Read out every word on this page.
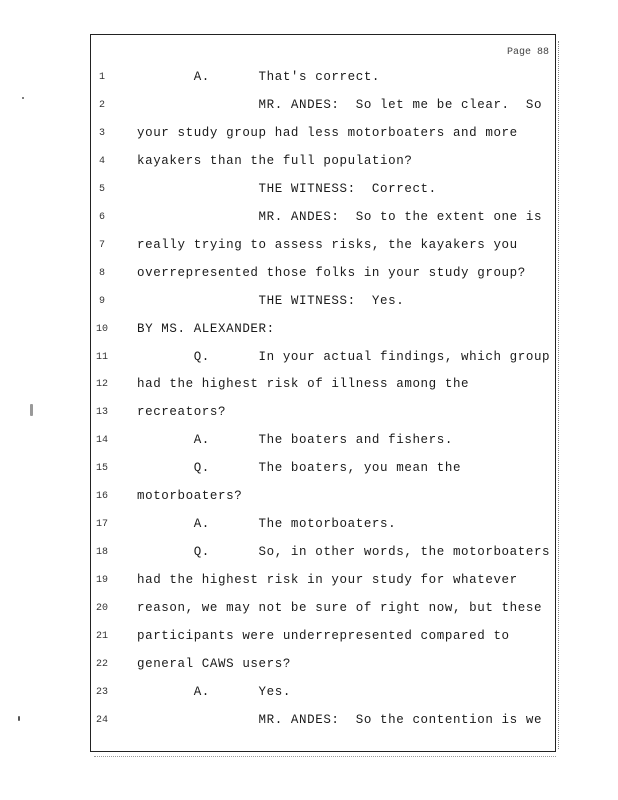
Page 88
1	A.      That's correct.
2	MR. ANDES:  So let me be clear.  So
3	your study group had less motorboaters and more
4	kayakers than the full population?
5	THE WITNESS:  Correct.
6	MR. ANDES:  So to the extent one is
7	really trying to assess risks, the kayakers you
8	overrepresented those folks in your study group?
9	THE WITNESS:  Yes.
10	BY MS. ALEXANDER:
11	Q.      In your actual findings, which group
12	had the highest risk of illness among the
13	recreators?
14	A.      The boaters and fishers.
15	Q.      The boaters, you mean the
16	motorboaters?
17	A.      The motorboaters.
18	Q.      So, in other words, the motorboaters
19	had the highest risk in your study for whatever
20	reason, we may not be sure of right now, but these
21	participants were underrepresented compared to
22	general CAWS users?
23	A.      Yes.
24	MR. ANDES:  So the contention is we
